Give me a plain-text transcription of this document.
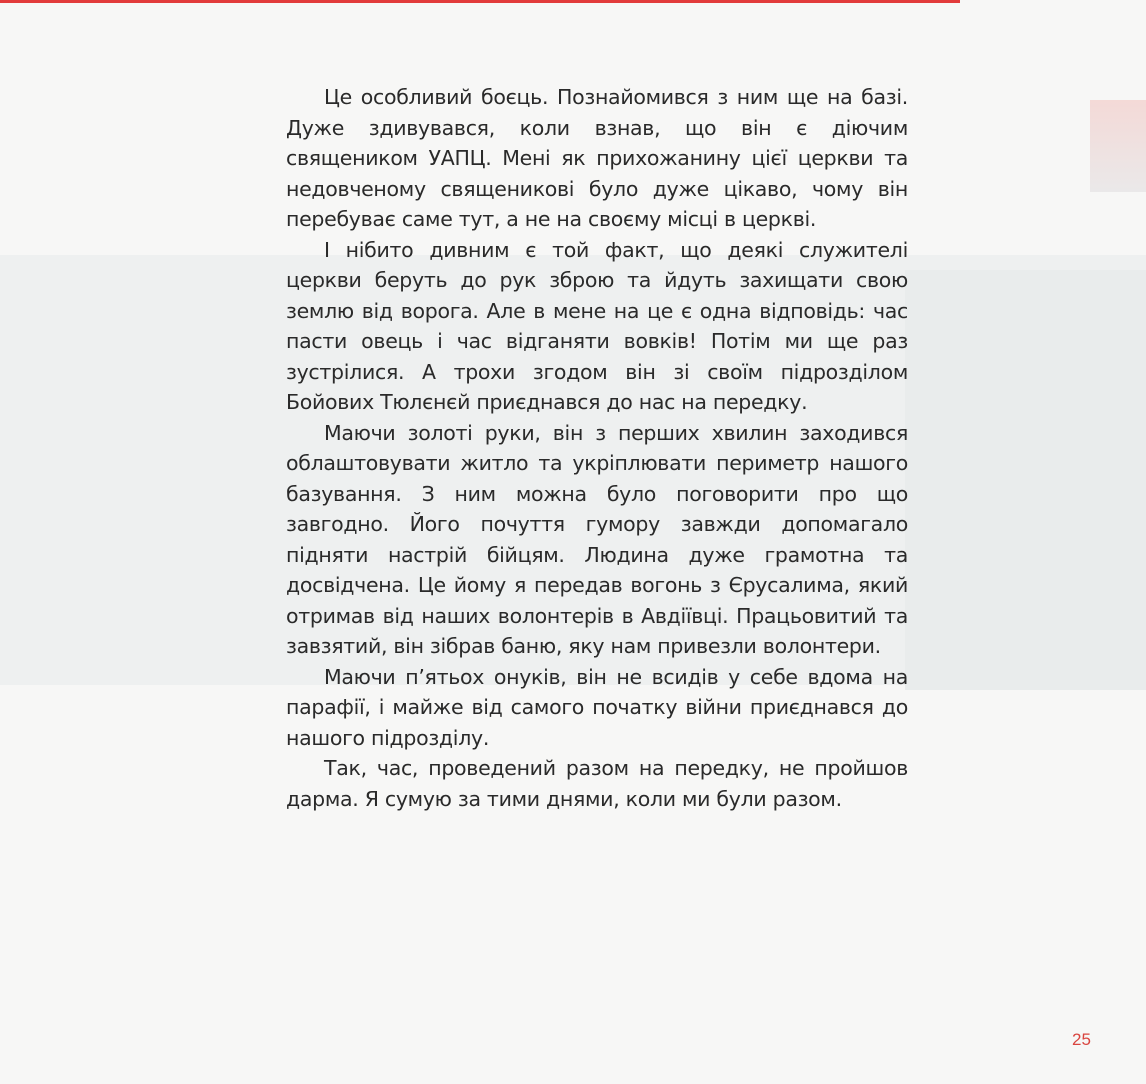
Це особливий боєць. Познайомився з ним ще на базі. Дуже здивувався, коли взнав, що він є діючим священиком УАПЦ. Мені як прихожанину цієї церкви та недовченому священикові було дуже цікаво, чому він перебуває саме тут, а не на своєму місці в церкві.

І нібито дивним є той факт, що деякі служителі церкви беруть до рук зброю та йдуть захищати свою землю від ворога. Але в мене на це є одна відповідь: час пасти овець і час відганяти вовків! Потім ми ще раз зустрілися. А трохи згодом він зі своїм підрозділом Бойових Тюлєнєй приєднався до нас на передку.

Маючи золоті руки, він з перших хвилин заходився облаштовувати житло та укріплювати периметр нашого базування. З ним можна було поговорити про що завгодно. Його почуття гумору завжди допомагало підняти настрій бійцям. Людина дуже грамотна та досвідчена. Це йому я передав вогонь з Єрусалима, який отримав від наших волонтерів в Авдіївці. Працьовитий та завзятий, він зібрав баню, яку нам привезли волонтери.

Маючи п’ятьох онуків, він не всидів у себе вдома на парафії, і майже від самого початку війни приєднався до нашого підрозділу.

Так, час, проведений разом на передку, не пройшов дарма. Я сумую за тими днями, коли ми були разом.

25
